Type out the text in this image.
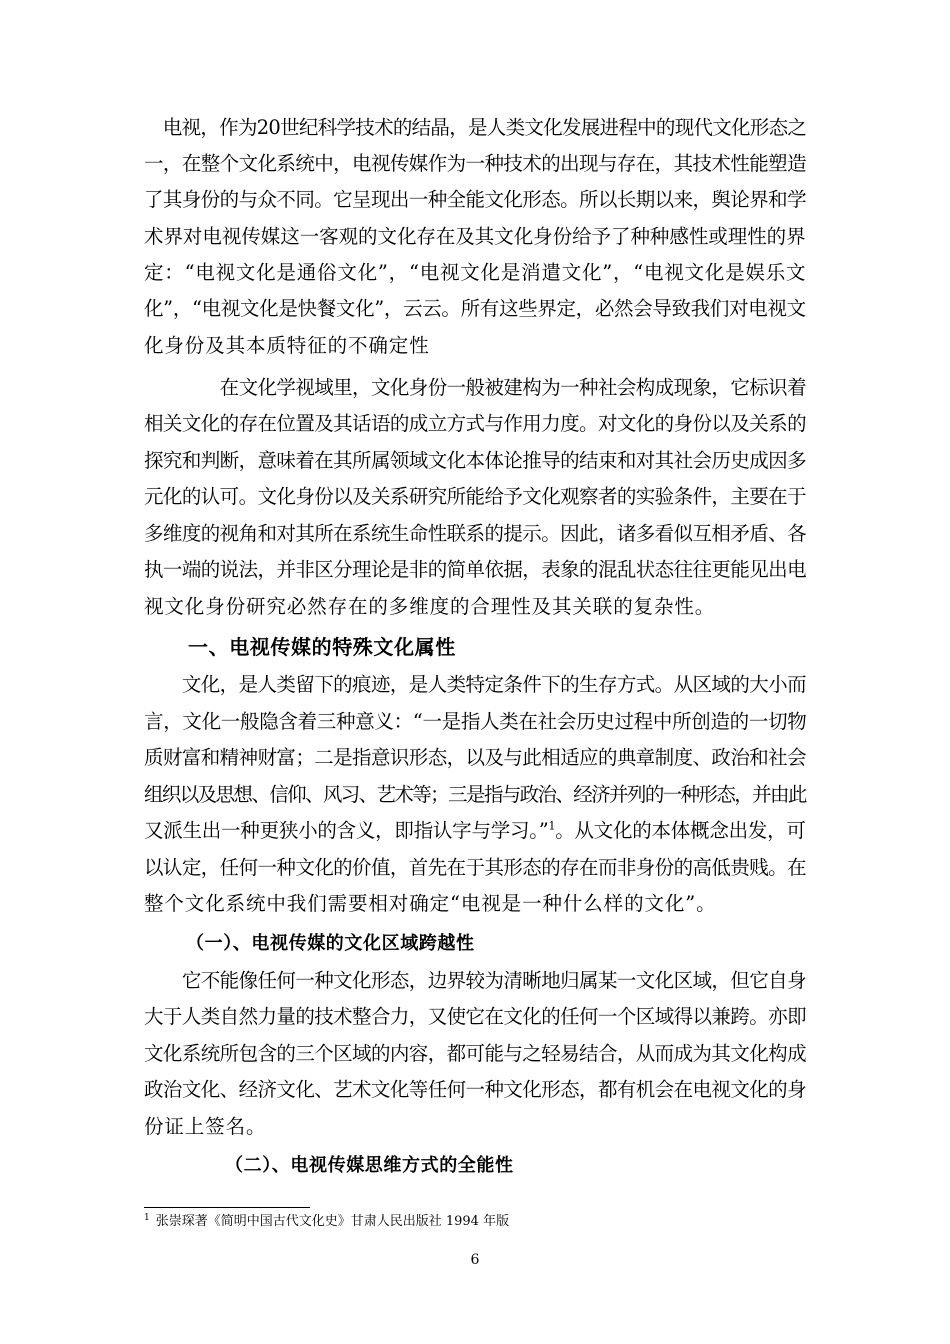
　电视，作为20世纪科学技术的结晶，是人类文化发展进程中的现代文化形态之
一，在整个文化系统中，电视传媒作为一种技术的出现与存在，其技术性能塑造
了其身份的与众不同。它呈现出一种全能文化形态。所以长期以来，舆论界和学
术界对电视传媒这一客观的文化存在及其文化身份给予了种种感性或理性的界
定：“电视文化是通俗文化”，“电视文化是消遣文化”，“电视文化是娱乐文
化”，“电视文化是快餐文化”，云云。所有这些界定，必然会导致我们对电视文
化身份及其本质特征的不确定性
　　　　在文化学视域里，文化身份一般被建构为一种社会构成现象，它标识着
相关文化的存在位置及其话语的成立方式与作用力度。对文化的身份以及关系的
探究和判断，意味着在其所属领域文化本体论推导的结束和对其社会历史成因多
元化的认可。文化身份以及关系研究所能给予文化观察者的实验条件，主要在于
多维度的视角和对其所在系统生命性联系的提示。因此，诸多看似互相矛盾、各
执一端的说法，并非区分理论是非的简单依据，表象的混乱状态往往更能见出电
视文化身份研究必然存在的多维度的合理性及其关联的复杂性。
一、电视传媒的特殊文化属性
　　文化，是人类留下的痕迹，是人类特定条件下的生存方式。从区域的大小而
言，文化一般隐含着三种意义：“一是指人类在社会历史过程中所创造的一切物
质财富和精神财富；二是指意识形态，以及与此相适应的典章制度、政治和社会
组织以及思想、信仰、风习、艺术等；三是指与政治、经济并列的一种形态，并由此
又派生出一种更狭小的含义，即指认字与学习。”$^1$。从文化的本体概念出发，可
以认定，任何一种文化的价值，首先在于其形态的存在而非身份的高低贵贱。在
整个文化系统中我们需要相对确定“电视是一种什么样的文化”。
（一）、电视传媒的文化区域跨越性
　　它不能像任何一种文化形态，边界较为清晰地归属某一文化区域，但它自身
大于人类自然力量的技术整合力，又使它在文化的任何一个区域得以兼跨。亦即
文化系统所包含的三个区域的内容，都可能与之轻易结合，从而成为其文化构成
政治文化、经济文化、艺术文化等任何一种文化形态，都有机会在电视文化的身
份证上签名。
（二）、电视传媒思维方式的全能性
$^1$ 张崇琛著《简明中国古代文化史》甘肃人民出版社 1994 年版
6
